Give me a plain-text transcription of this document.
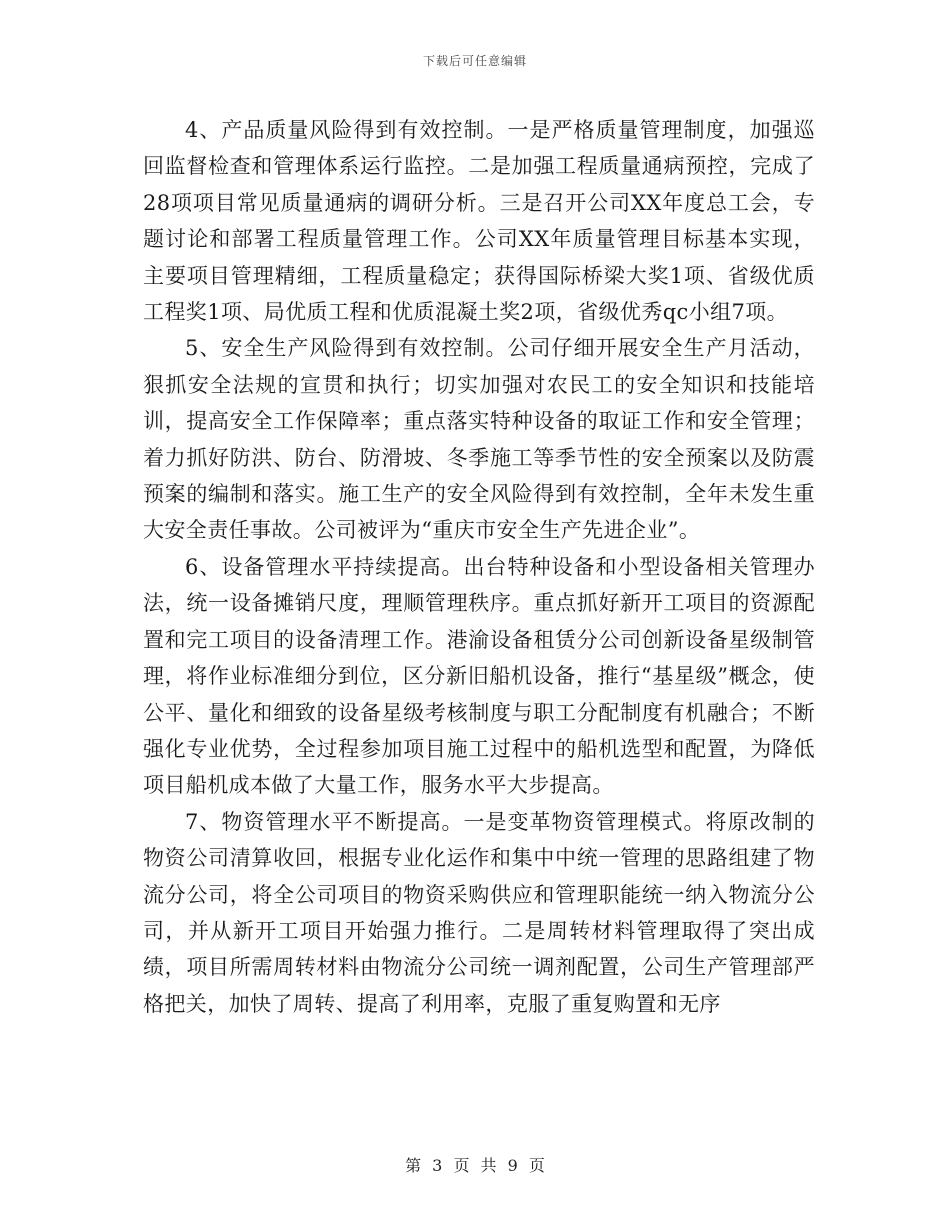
下载后可任意编辑

4、产品质量风险得到有效控制。一是严格质量管理制度，加强巡回监督检查和管理体系运行监控。二是加强工程质量通病预控，完成了28项项目常见质量通病的调研分析。三是召开公司XX年度总工会，专题讨论和部署工程质量管理工作。公司XX年质量管理目标基本实现，主要项目管理精细，工程质量稳定；获得国际桥梁大奖1项、省级优质工程奖1项、局优质工程和优质混凝土奖2项，省级优秀qc小组7项。

5、安全生产风险得到有效控制。公司仔细开展安全生产月活动，狠抓安全法规的宣贯和执行；切实加强对农民工的安全知识和技能培训，提高安全工作保障率；重点落实特种设备的取证工作和安全管理；着力抓好防洪、防台、防滑坡、冬季施工等季节性的安全预案以及防震预案的编制和落实。施工生产的安全风险得到有效控制，全年未发生重大安全责任事故。公司被评为“重庆市安全生产先进企业”。

6、设备管理水平持续提高。出台特种设备和小型设备相关管理办法，统一设备摊销尺度，理顺管理秩序。重点抓好新开工项目的资源配置和完工项目的设备清理工作。港渝设备租赁分公司创新设备星级制管理，将作业标准细分到位，区分新旧船机设备，推行“基星级”概念，使公平、量化和细致的设备星级考核制度与职工分配制度有机融合；不断强化专业优势，全过程参加项目施工过程中的船机选型和配置，为降低项目船机成本做了大量工作，服务水平大步提高。

7、物资管理水平不断提高。一是变革物资管理模式。将原改制的物资公司清算收回，根据专业化运作和集中中统一管理的思路组建了物流分公司，将全公司项目的物资采购供应和管理职能统一纳入物流分公司，并从新开工项目开始强力推行。二是周转材料管理取得了突出成绩，项目所需周转材料由物流分公司统一调剂配置，公司生产管理部严格把关，加快了周转、提高了利用率，克服了重复购置和无序

第 3 页 共 9 页
